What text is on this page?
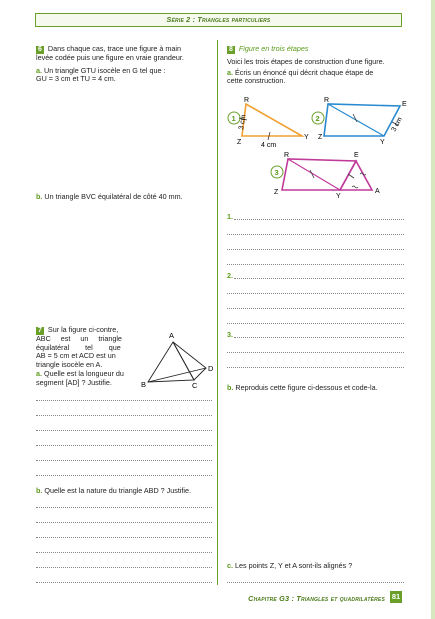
Série 2 : Triangles particuliers
6 Dans chaque cas, trace une figure à main
levée codée puis une figure en vraie grandeur.
a. Un triangle GTU isocèle en G tel que :
GU = 3 cm et TU = 4 cm.
b. Un triangle BVC équilatéral de côté 40 mm.
7 Sur la figure ci-contre,
ABC est un triangle
équilatéral tel que
AB = 5 cm et ACD est un
triangle isocèle en A.
a. Quelle est la longueur du
segment [AD] ? Justifie.
A
B	C
D
b. Quelle est la nature du triangle ABD ? Justifie.
8 Figure en trois étapes
Voici les trois étapes de construction d'une figure.
a. Écris un énoncé qui décrit chaque étape de
cette construction.
1
R
Z
Y
3 cm
4 cm
2
R
E
Z
Y
3 cm
3
R	E
Z
Y
A
1.
2.
3.
b. Reproduis cette figure ci-dessous et code-la.
c. Les points Z, Y et A sont-ils alignés ?
Chapitre G3 : Triangles et quadrilatères 81
